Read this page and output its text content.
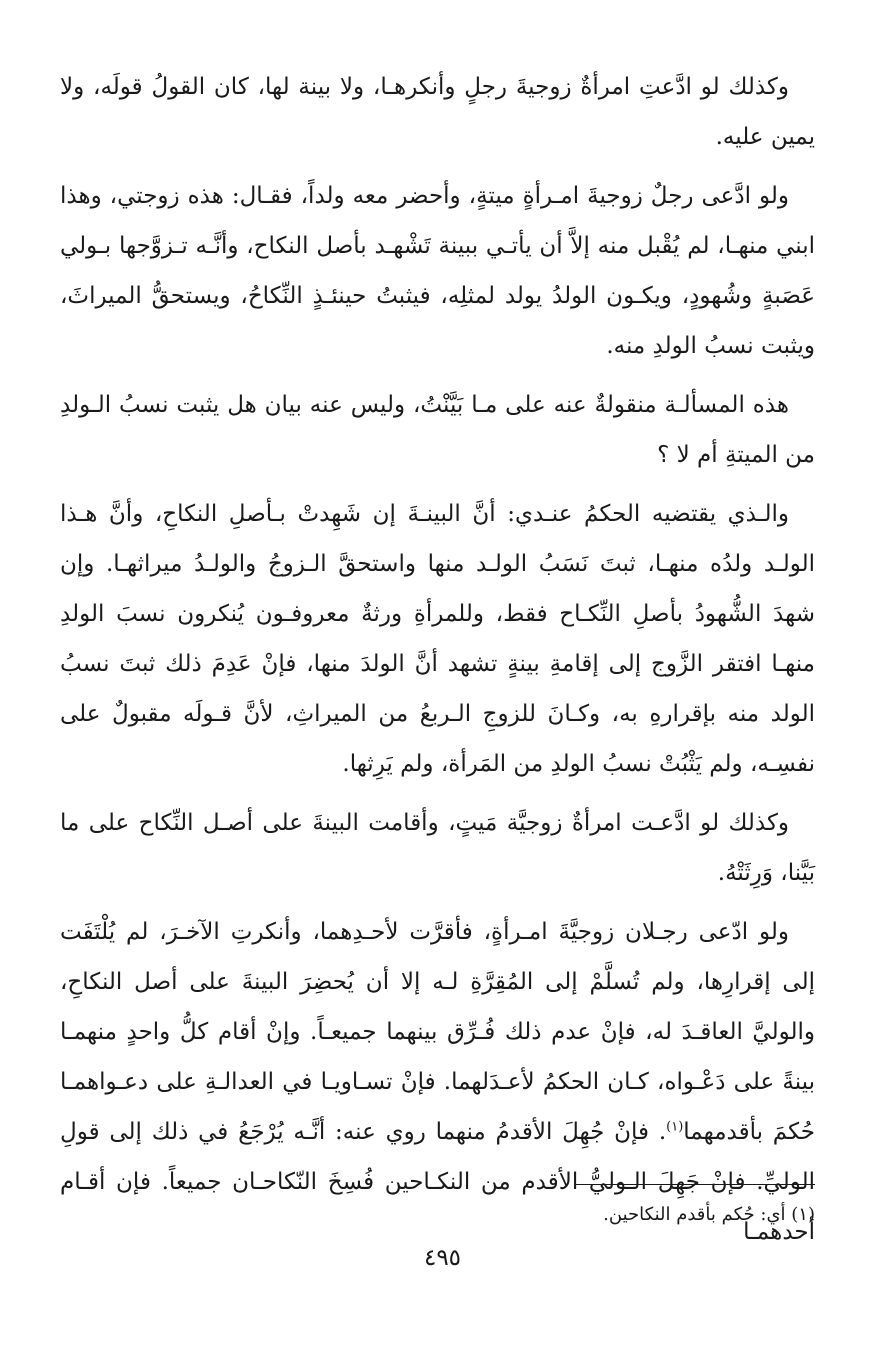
وكذلك لو ادَّعتِ امرأةٌ زوجيةَ رجلٍ وأنكرهـا، ولا بينة لها، كان القولُ قولَه، ولا يمين عليه.

ولو ادَّعى رجلٌ زوجيةَ امـرأةٍ ميتةٍ، وأحضر معه ولداً، فقـال: هذه زوجتي، وهذا ابني منهـا، لم يُقْبل منه إلاَّ أن يأتـي ببينة تَشْهـد بأصل النكاح، وأنَّـه تـزوَّجها بـولي عَصَبةٍ وشُهودٍ، ويكـون الولدُ يولد لمثلِه، فيثبتُ حينئـذٍ النِّكاحُ، ويستحقُّ الميراثَ، ويثبت نسبُ الولدِ منه.

هذه المسألـة منقولةٌ عنه على مـا بَيَّنْتُ، وليس عنه بيان هل يثبت نسبُ الـولدِ من الميتةِ أم لا ؟

والـذي يقتضيه الحكمُ عنـدي: أنَّ البينـةَ إن شَهِدتْ بـأصلِ النكاحِ، وأنَّ هـذا الولـد ولدُه منهـا، ثبتَ نَسَبُ الولـد منها واستحقَّ الـزوجُ والولـدُ ميراثهـا. وإن شهدَ الشُّهودُ بأصلِ النِّكـاح فقط، وللمرأةِ ورثةٌ معروفـون يُنكرون نسبَ الولدِ منهـا افتقر الزَّوج إلى إقامةِ بينةٍ تشهد أنَّ الولدَ منها، فإنْ عَدِمَ ذلك ثبتَ نسبُ الولد منه بإقرارهِ به، وكـانَ للزوجِ الـربعُ من الميراثِ، لأنَّ قـولَه مقبولٌ على نفسِـه، ولم يَثْبُتْ نسبُ الولدِ من المَرأة، ولم يَرِثها.

وكذلك لو ادَّعـت امرأةٌ زوجيَّة مَيتٍ، وأقامت البينةَ على أصـل النِّكاح على ما بَيَّنا، وَرِثَتْهُ.

ولو ادّعى رجـلان زوجيَّةَ امـرأةٍ، فأقرَّت لأحـدِهما، وأنكرتِ الآخـرَ، لم يُلْتَفَت إلى إقرارِها، ولم تُسلَّمْ إلى المُقِرَّةِ لـه إلا أن يُحضِرَ البينةَ على أصل النكاحِ، والوليَّ العاقـدَ له، فإنْ عدم ذلك فُـرِّق بينهما جميعـاً. وإنْ أقام كلُّ واحدٍ منهمـا بينةً على دَعْـواه، كـان الحكمُ لأعـدَلهما. فإنْ تسـاويـا في العدالـةِ على دعـواهمـا حُكمَ بأقدمهما$^{(١)}$. فإنْ جُهِلَ الأقدمُ منهما روي عنه: أنَّـه يُرْجَعُ في ذلك إلى قولِ الوليِّ. فإنْ جَهِلَ الـوليُّ الأقدم من النكـاحين فُسِخَ النّكاحـان جميعاً. فإن أقـام أحدهمـا

(١) أي: حُكم بأقدم النكاحين.
٤٩٥
